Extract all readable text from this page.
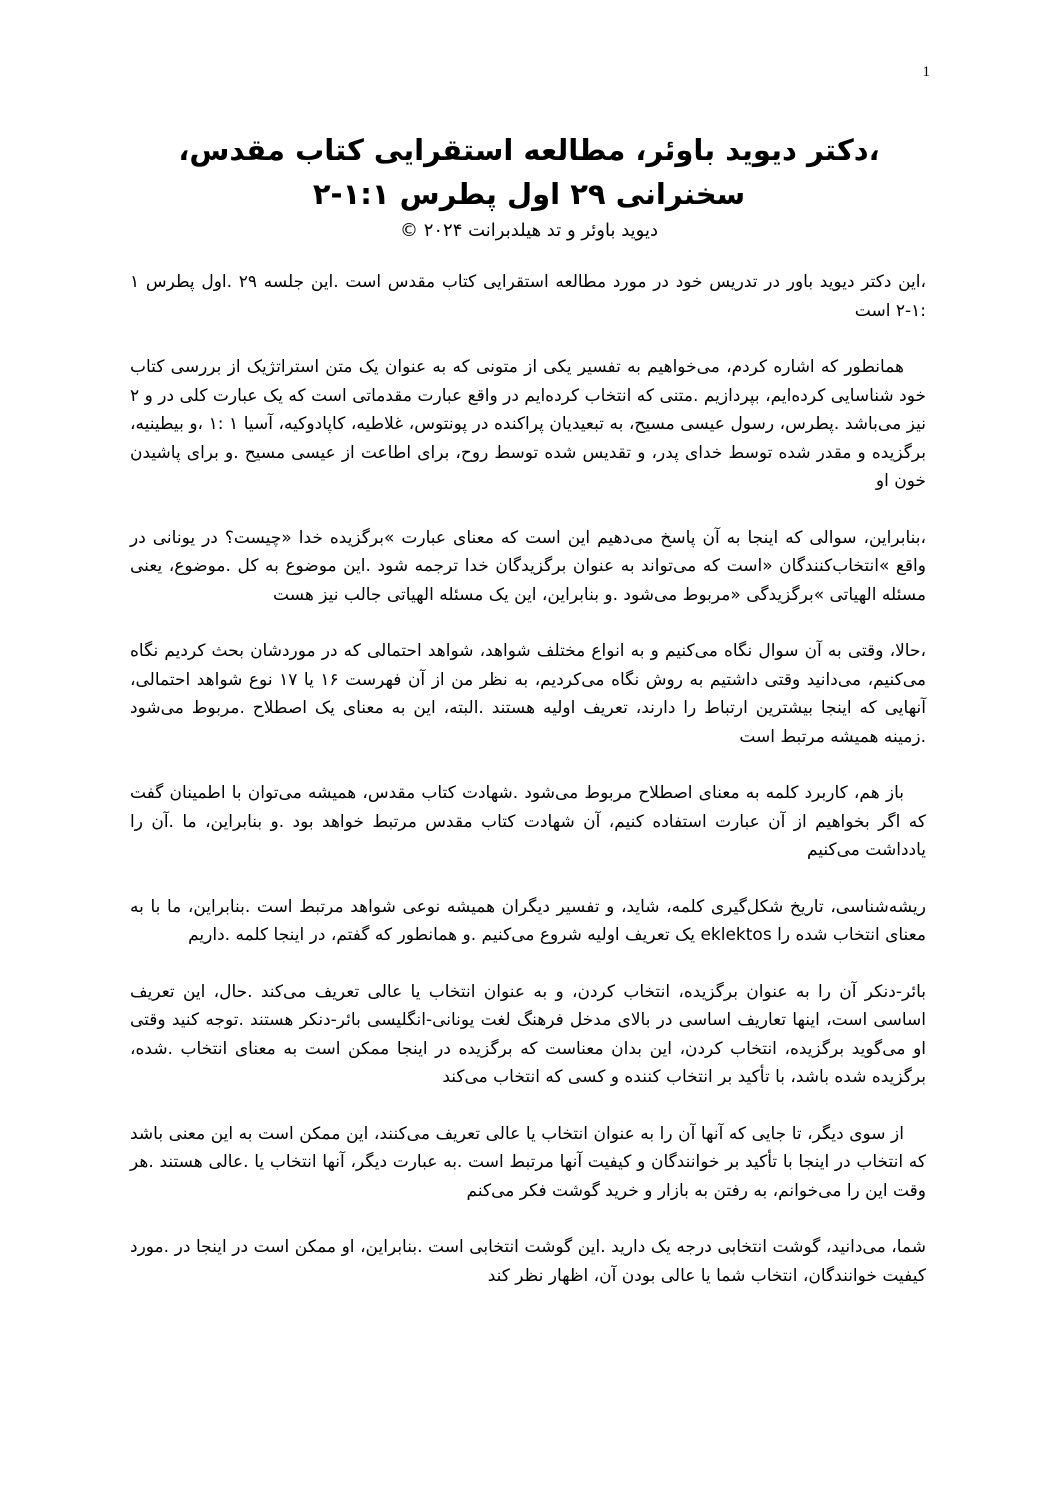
1
،دکتر دیوید باوئر، مطالعه استقرایی کتاب مقدس، سخنرانی ۲۹ اول پطرس ۱:۱-۲

دیوید باوئر و تد هیلدبرانت ۲۰۲۴ ©

،این دکتر دیوید باور در تدریس خود در مورد مطالعه استقرایی کتاب مقدس است .این جلسه ۲۹ .اول پطرس ۱ :۱-۲ است

همانطور که اشاره کردم، می‌خواهیم به تفسیر یکی از متونی که به عنوان یک متن استراتژیک از بررسی کتاب خود شناسایی کرده‌ایم، بپردازیم .متنی که انتخاب کرده‌ایم در واقع عبارت مقدماتی است که یک عبارت کلی در و ۲ نیز می‌باشد .پطرس، رسول عیسی مسیح، به تبعیدیان پراکنده در پونتوس، غلاطیه، کاپادوکیه، آسیا ۱ :۱ ،و بیطینیه، برگزیده و مقدر شده توسط خدای پدر، و تقدیس شده توسط روح، برای اطاعت از عیسی مسیح .و برای پاشیدن خون او

،بنابراین، سوالی که اینجا به آن پاسخ می‌دهیم این است که معنای عبارت »برگزیده خدا «چیست؟ در یونانی در واقع »انتخاب‌کنندگان «است که می‌تواند به عنوان برگزیدگان خدا ترجمه شود .این موضوع به کل .موضوع، یعنی مسئله الهیاتی »برگزیدگی «مربوط می‌شود .و بنابراین، این یک مسئله الهیاتی جالب نیز هست

،حالا، وقتی به آن سوال نگاه می‌کنیم و به انواع مختلف شواهد، شواهد احتمالی که در موردشان بحث کردیم نگاه می‌کنیم، می‌دانید وقتی داشتیم به روش نگاه می‌کردیم، به نظر من از آن فهرست ۱۶ یا ۱۷ نوع شواهد احتمالی، آنهایی که اینجا بیشترین ارتباط را دارند، تعریف اولیه هستند .البته، این به معنای یک اصطلاح .مربوط می‌شود .زمینه همیشه مرتبط است

باز هم، کاربرد کلمه به معنای اصطلاح مربوط می‌شود .شهادت کتاب مقدس، همیشه می‌توان با اطمینان گفت که اگر بخواهیم از آن عبارت استفاده کنیم، آن شهادت کتاب مقدس مرتبط خواهد بود .و بنابراین، ما .آن را یادداشت می‌کنیم

ریشه‌شناسی، تاریخ شکل‌گیری کلمه، شاید، و تفسیر دیگران همیشه نوعی شواهد مرتبط است .بنابراین، ما با به معنای انتخاب شده را eklektos یک تعریف اولیه شروع می‌کنیم .و همانطور که گفتم، در اینجا کلمه .داریم

بائر-دنکر آن را به عنوان برگزیده، انتخاب کردن، و به عنوان انتخاب یا عالی تعریف می‌کند .حال، این تعریف اساسی است، اینها تعاریف اساسی در بالای مدخل فرهنگ لغت یونانی-انگلیسی بائر-دنکر هستند .توجه کنید وقتی او می‌گوید برگزیده، انتخاب کردن، این بدان معناست که برگزیده در اینجا ممکن است به معنای انتخاب .شده، برگزیده شده باشد، با تأکید بر انتخاب کننده و کسی که انتخاب می‌کند

از سوی دیگر، تا جایی که آنها آن را به عنوان انتخاب یا عالی تعریف می‌کنند، این ممکن است به این معنی باشد که انتخاب در اینجا با تأکید بر خوانندگان و کیفیت آنها مرتبط است .به عبارت دیگر، آنها انتخاب یا .عالی هستند .هر وقت این را می‌خوانم، به رفتن به بازار و خرید گوشت فکر می‌کنم

شما، می‌دانید، گوشت انتخابی درجه یک دارید .این گوشت انتخابی است .بنابراین، او ممکن است در اینجا در .مورد کیفیت خوانندگان، انتخاب شما یا عالی بودن آن، اظهار نظر کند
